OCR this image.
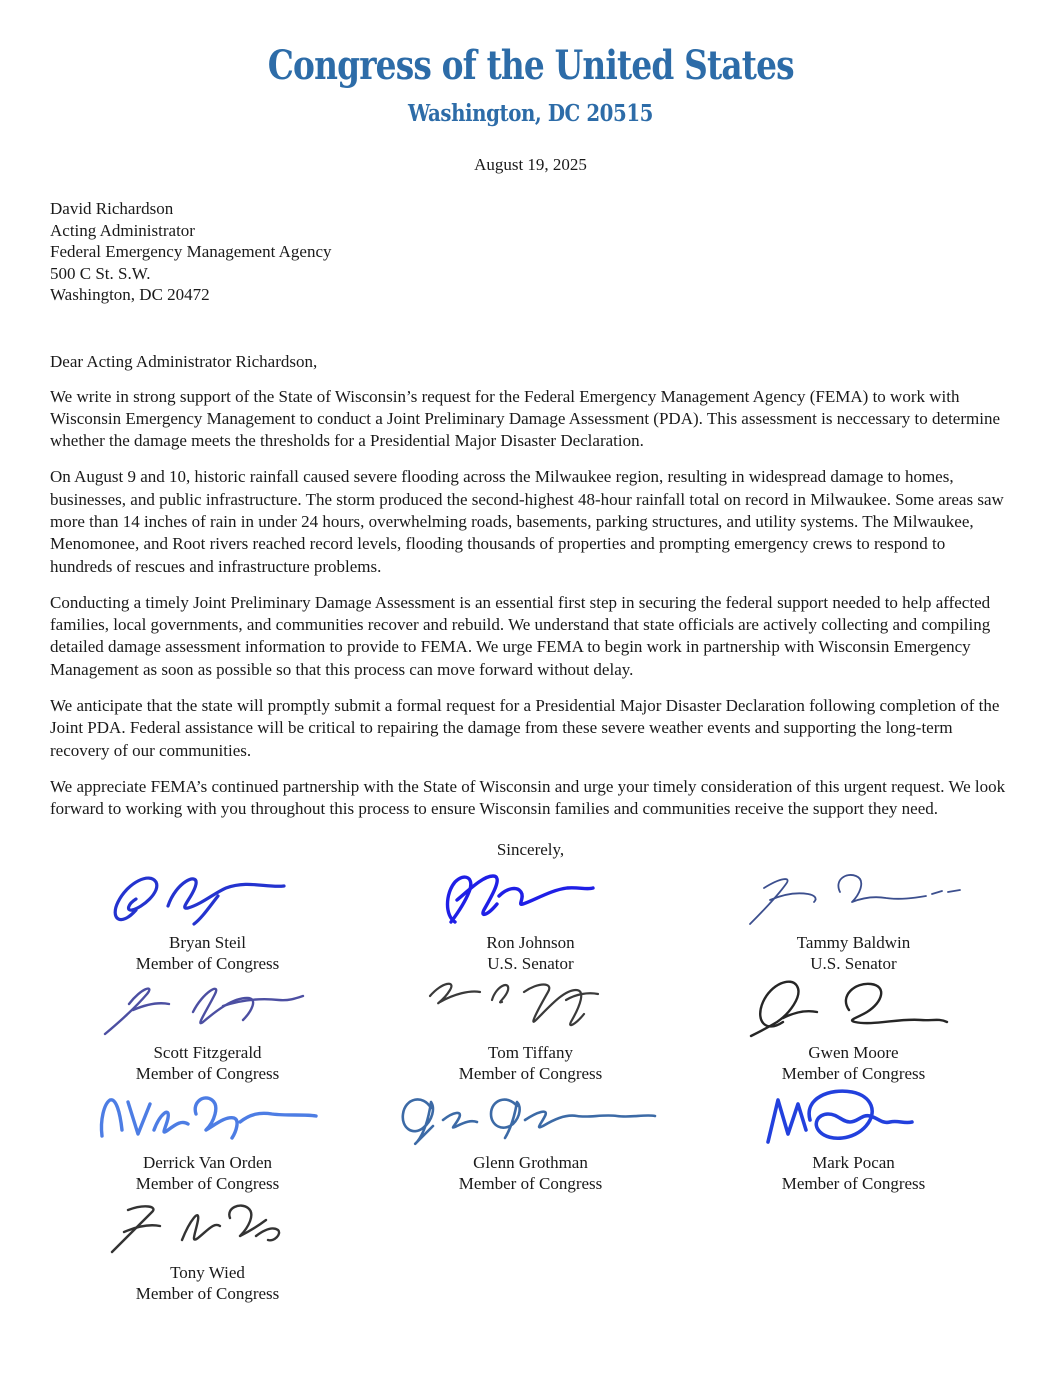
Congress of the United States
Washington, DC 20515
August 19, 2025
David Richardson
Acting Administrator
Federal Emergency Management Agency
500 C St. S.W.
Washington, DC 20472
Dear Acting Administrator Richardson,

We write in strong support of the State of Wisconsin’s request for the Federal Emergency Management Agency (FEMA) to work with Wisconsin Emergency Management to conduct a Joint Preliminary Damage Assessment (PDA). This assessment is neccessary to determine whether the damage meets the thresholds for a Presidential Major Disaster Declaration.

On August 9 and 10, historic rainfall caused severe flooding across the Milwaukee region, resulting in widespread damage to homes, businesses, and public infrastructure. The storm produced the second-highest 48-hour rainfall total on record in Milwaukee. Some areas saw more than 14 inches of rain in under 24 hours, overwhelming roads, basements, parking structures, and utility systems. The Milwaukee, Menomonee, and Root rivers reached record levels, flooding thousands of properties and prompting emergency crews to respond to hundreds of rescues and infrastructure problems.

Conducting a timely Joint Preliminary Damage Assessment is an essential first step in securing the federal support needed to help affected families, local governments, and communities recover and rebuild. We understand that state officials are actively collecting and compiling detailed damage assessment information to provide to FEMA. We urge FEMA to begin work in partnership with Wisconsin Emergency Management as soon as possible so that this process can move forward without delay.

We anticipate that the state will promptly submit a formal request for a Presidential Major Disaster Declaration following completion of the Joint PDA. Federal assistance will be critical to repairing the damage from these severe weather events and supporting the long-term recovery of our communities.

We appreciate FEMA’s continued partnership with the State of Wisconsin and urge your timely consideration of this urgent request. We look forward to working with you throughout this process to ensure Wisconsin families and communities receive the support they need.

Sincerely,
Bryan Steil
Member of Congress
Ron Johnson
U.S. Senator
Tammy Baldwin
U.S. Senator
Scott Fitzgerald
Member of Congress
Tom Tiffany
Member of Congress
Gwen Moore
Member of Congress
Derrick Van Orden
Member of Congress
Glenn Grothman
Member of Congress
Mark Pocan
Member of Congress
Tony Wied
Member of Congress
